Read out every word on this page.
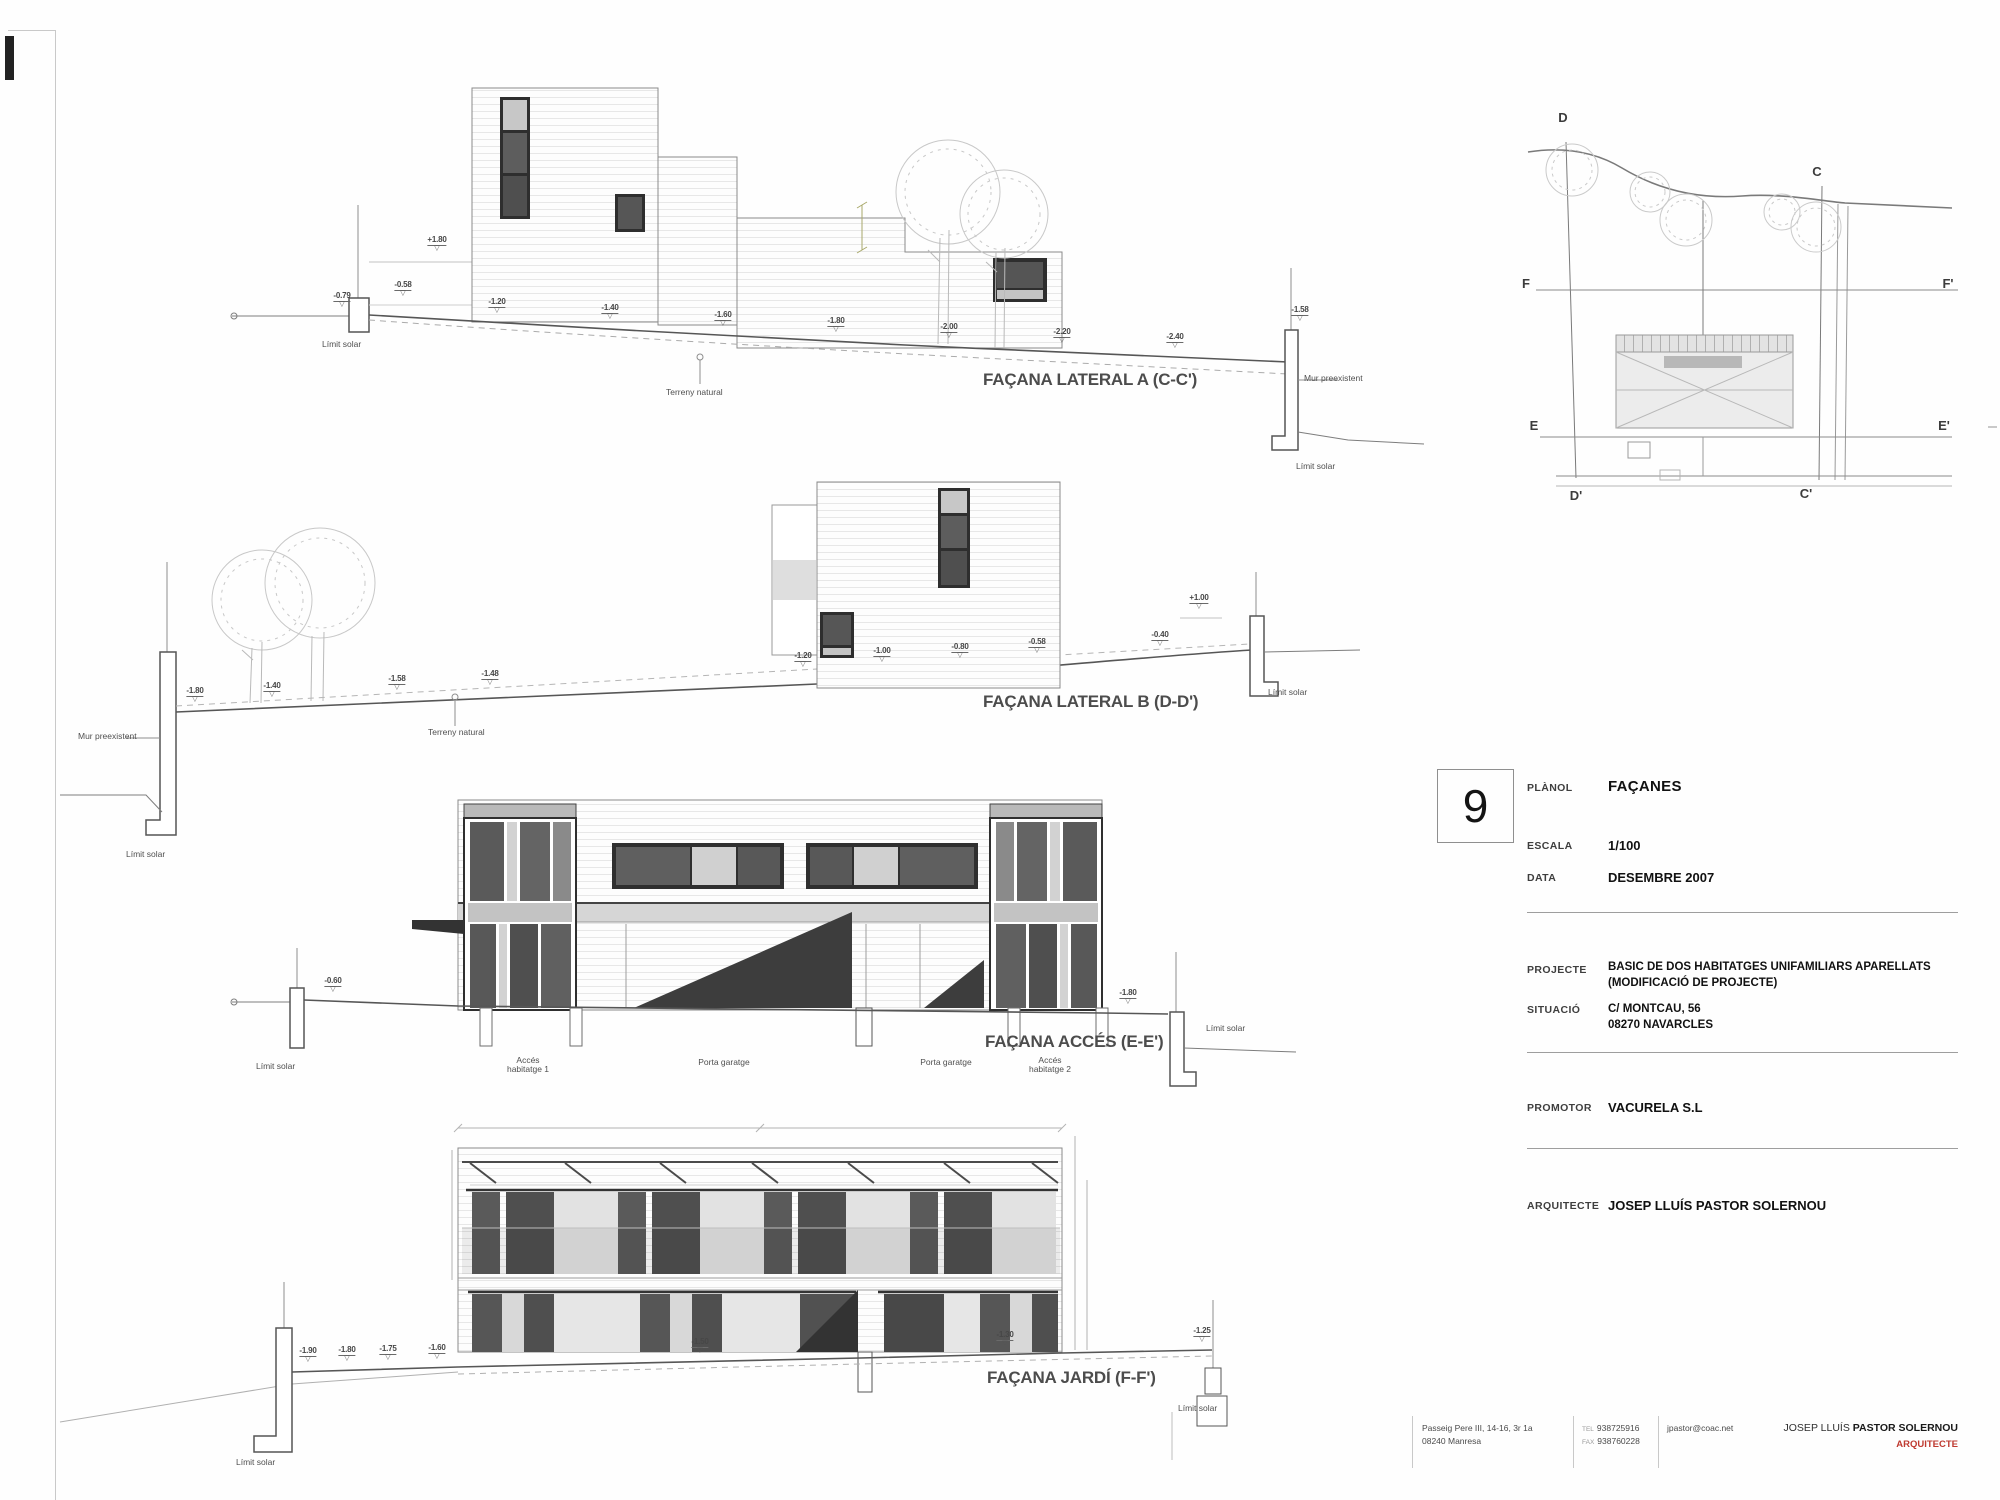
FAÇANA LATERAL A (C-C')
FAÇANA LATERAL B (D-D')
FAÇANA ACCÉS (E-E')
FAÇANA JARDÍ (F-F')
Límit solar
Terreny natural
Mur preexistent
Límit solar
Mur preexistent
Límit solar
Terreny natural
Límit solar
Límit solar
Accés
habitatge 1
Porta garatge	Porta garatge	Accés
habitatge 2
Límit solar
Límit solar
Límit solar
+1.80
▽
-0.79
▽
-0.58
▽
-1.20
▽	-1.40
▽	-1.60
▽	-1.80
▽	-2.00
▽	-2.20
▽	-2.40
▽
-1.58
▽
-1.80
▽
-1.40
▽
-1.58
▽
-1.48
▽
-1.20
▽
-1.00
▽
-0.80
▽
-0.58
▽
-0.40
▽
+1.00
▽
-0.60
▽	-1.80
▽
-1.90
▽
-1.80
▽
-1.75
▽
-1.60
▽
-1.50
▽
-1.30
▽
-1.25
▽
D
C
F	F'
E	E'
D'	C'
9	PLÀNOL FAÇANES
ESCALA	1/100
DATA	DESEMBRE 2007
PROJECTE BASIC DE DOS HABITATGES UNIFAMILIARS APARELLATS
(MODIFICACIÓ DE PROJECTE)
SITUACIÓ C/ MONTCAU, 56
08270 NAVARCLES
PROMOTOR VACURELA S.L
ARQUITECTE JOSEP LLUÍS PASTOR SOLERNOU
Passeig Pere III, 14-16, 3r 1a
08240 Manresa
TEL 938725916
FAX 938760228
jpastor@coac.net	JOSEP LLUÍS PASTOR SOLERNOU
ARQUITECTE
